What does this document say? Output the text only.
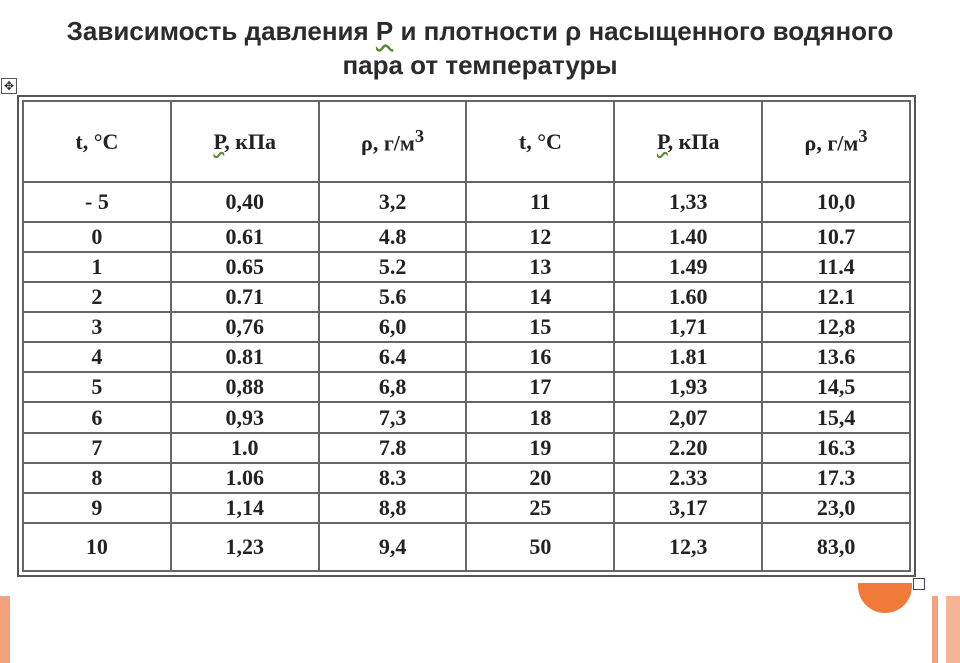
Зависимость давления Р и плотности ρ насыщенного водяного
пара от температуры
✥
t, °C	Р, кПа	ρ, $г/м^3$	t, °C	Р, кПа	ρ, $г/м^3$
- 5	0,40	3,2	11	1,33	10,0
0	0.61	4.8	12	1.40	10.7
1	0.65	5.2	13	1.49	11.4
2	0.71	5.6	14	1.60	12.1
3	0,76	6,0	15	1,71	12,8
4	0.81	6.4	16	1.81	13.6
5	0,88	6,8	17	1,93	14,5
6	0,93	7,3	18	2,07	15,4
7	1.0	7.8	19	2.20	16.3
8	1.06	8.3	20	2.33	17.3
9	1,14	8,8	25	3,17	23,0
10	1,23	9,4	50	12,3	83,0
